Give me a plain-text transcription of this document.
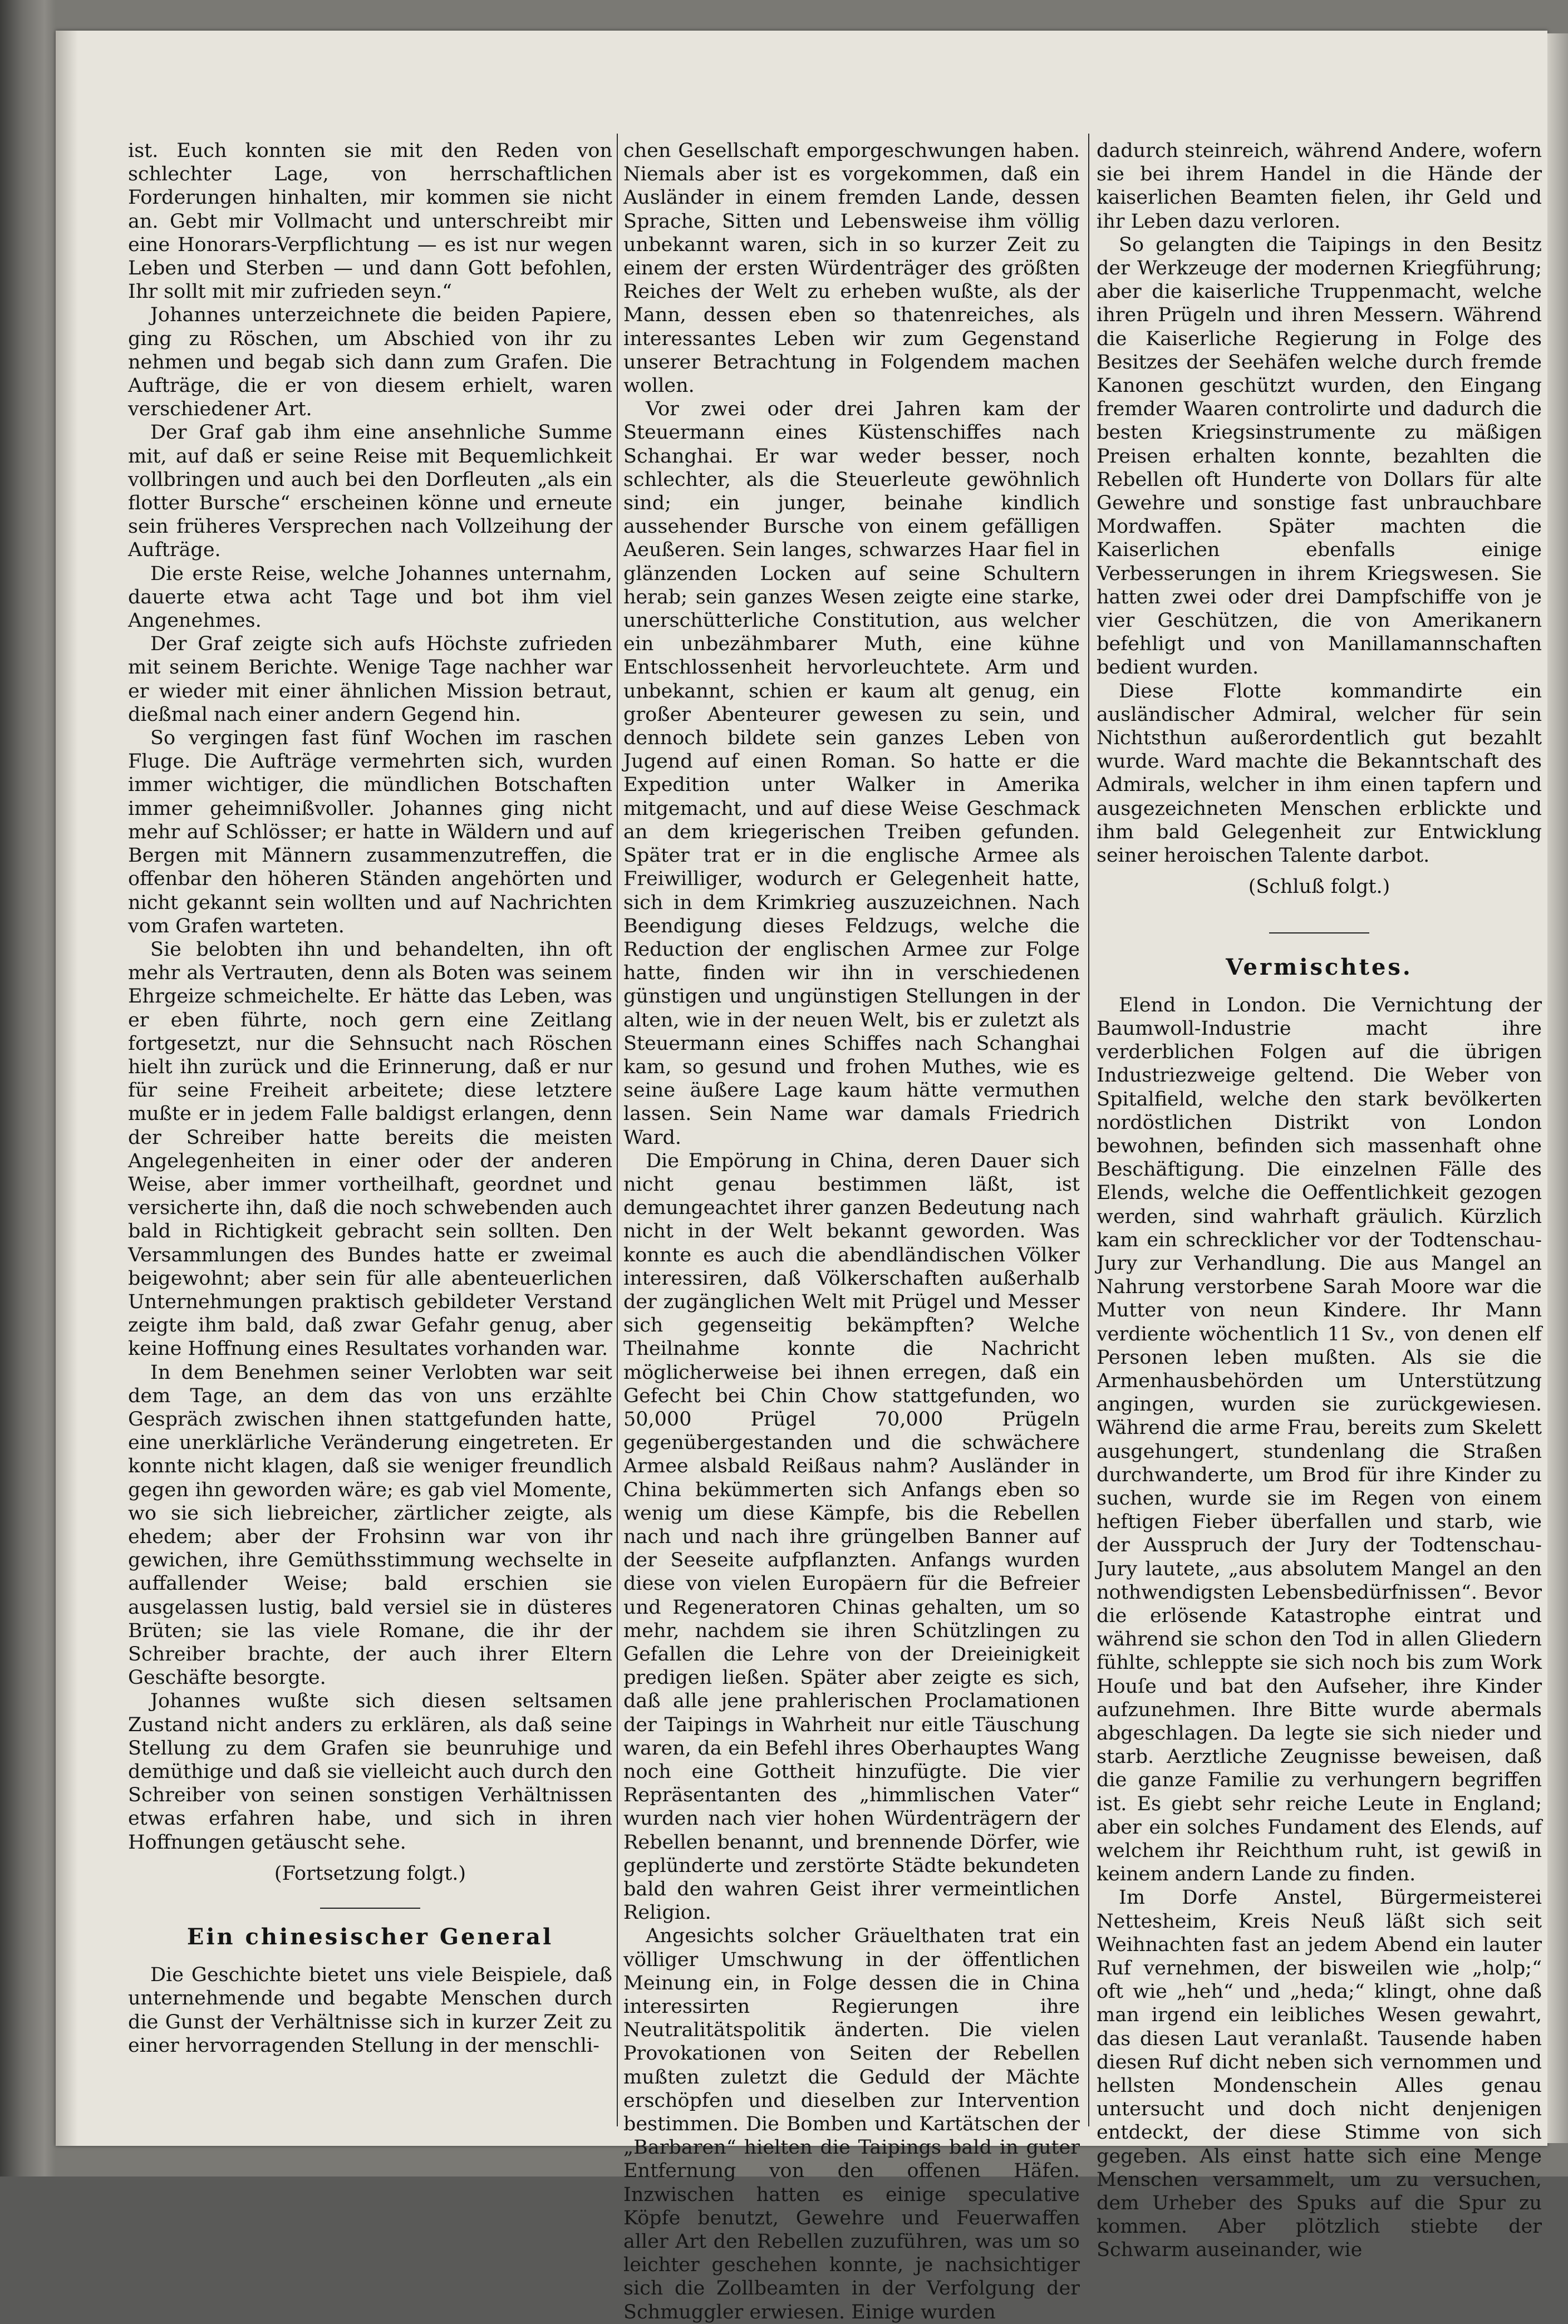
ist. Euch konnten sie mit den Reden von schlechter Lage, von herrschaftlichen Forderungen hinhalten, mir kommen sie nicht an. Gebt mir Vollmacht und unterschreibt mir eine Honorars-Verpflichtung — es ist nur wegen Leben und Sterben — und dann Gott befohlen, Ihr sollt mit mir zufrieden seyn.“

Johannes unterzeichnete die beiden Papiere, ging zu Röschen, um Abschied von ihr zu nehmen und begab sich dann zum Grafen. Die Aufträge, die er von diesem erhielt, waren verschiedener Art.

Der Graf gab ihm eine ansehnliche Summe mit, auf daß er seine Reise mit Bequemlichkeit vollbringen und auch bei den Dorfleuten „als ein flotter Bursche“ erscheinen könne und erneute sein früheres Versprechen nach Vollzeihung der Aufträge.

Die erste Reise, welche Johannes unternahm, dauerte etwa acht Tage und bot ihm viel Angenehmes.

Der Graf zeigte sich aufs Höchste zufrieden mit seinem Berichte. Wenige Tage nachher war er wieder mit einer ähnlichen Mission betraut, dießmal nach einer andern Gegend hin.

So vergingen fast fünf Wochen im raschen Fluge. Die Aufträge vermehrten sich, wurden immer wichtiger, die mündlichen Botschaften immer geheimnißvoller. Johannes ging nicht mehr auf Schlösser; er hatte in Wäldern und auf Bergen mit Männern zusammenzutreffen, die offenbar den höheren Ständen angehörten und nicht gekannt sein wollten und auf Nachrichten vom Grafen warteten.

Sie belobten ihn und behandelten, ihn oft mehr als Vertrauten, denn als Boten was seinem Ehrgeize schmeichelte. Er hätte das Leben, was er eben führte, noch gern eine Zeitlang fortgesetzt, nur die Sehnsucht nach Röschen hielt ihn zurück und die Erinnerung, daß er nur für seine Freiheit arbeitete; diese letztere mußte er in jedem Falle baldigst erlangen, denn der Schreiber hatte bereits die meisten Angelegenheiten in einer oder der anderen Weise, aber immer vortheilhaft, geordnet und versicherte ihn, daß die noch schwebenden auch bald in Richtigkeit gebracht sein sollten. Den Versammlungen des Bundes hatte er zweimal beigewohnt; aber sein für alle abenteuerlichen Unternehmungen praktisch gebildeter Verstand zeigte ihm bald, daß zwar Gefahr genug, aber keine Hoffnung eines Resultates vorhanden war.

In dem Benehmen seiner Verlobten war seit dem Tage, an dem das von uns erzählte Gespräch zwischen ihnen stattgefunden hatte, eine unerklärliche Veränderung eingetreten. Er konnte nicht klagen, daß sie weniger freundlich gegen ihn geworden wäre; es gab viel Momente, wo sie sich liebreicher, zärtlicher zeigte, als ehedem; aber der Frohsinn war von ihr gewichen, ihre Gemüthsstimmung wechselte in auffallender Weise; bald erschien sie ausgelassen lustig, bald versiel sie in düsteres Brüten; sie las viele Romane, die ihr der Schreiber brachte, der auch ihrer Eltern Geschäfte besorgte.

Johannes wußte sich diesen seltsamen Zustand nicht anders zu erklären, als daß seine Stellung zu dem Grafen sie beunruhige und demüthige und daß sie vielleicht auch durch den Schreiber von seinen sonstigen Verhältnissen etwas erfahren habe, und sich in ihren Hoffnungen getäuscht sehe.

(Fortsetzung folgt.)

Ein chinesischer General

Die Geschichte bietet uns viele Beispiele, daß unternehmende und begabte Menschen durch die Gunst der Verhältnisse sich in kurzer Zeit zu einer hervorragenden Stellung in der menschli-

chen Gesellschaft emporgeschwungen haben. Niemals aber ist es vorgekommen, daß ein Ausländer in einem fremden Lande, dessen Sprache, Sitten und Lebensweise ihm völlig unbekannt waren, sich in so kurzer Zeit zu einem der ersten Würdenträger des größten Reiches der Welt zu erheben wußte, als der Mann, dessen eben so thatenreiches, als interessantes Leben wir zum Gegenstand unserer Betrachtung in Folgendem machen wollen.

Vor zwei oder drei Jahren kam der Steuermann eines Küstenschiffes nach Schanghai. Er war weder besser, noch schlechter, als die Steuerleute gewöhnlich sind; ein junger, beinahe kindlich aussehender Bursche von einem gefälligen Aeußeren. Sein langes, schwarzes Haar fiel in glänzenden Locken auf seine Schultern herab; sein ganzes Wesen zeigte eine starke, unerschütterliche Constitution, aus welcher ein unbezähmbarer Muth, eine kühne Entschlossenheit hervorleuchtete. Arm und unbekannt, schien er kaum alt genug, ein großer Abenteurer gewesen zu sein, und dennoch bildete sein ganzes Leben von Jugend auf einen Roman. So hatte er die Expedition unter Walker in Amerika mitgemacht, und auf diese Weise Geschmack an dem kriegerischen Treiben gefunden. Später trat er in die englische Armee als Freiwilliger, wodurch er Gelegenheit hatte, sich in dem Krimkrieg auszuzeichnen. Nach Beendigung dieses Feldzugs, welche die Reduction der englischen Armee zur Folge hatte, finden wir ihn in verschiedenen günstigen und ungünstigen Stellungen in der alten, wie in der neuen Welt, bis er zuletzt als Steuermann eines Schiffes nach Schanghai kam, so gesund und frohen Muthes, wie es seine äußere Lage kaum hätte vermuthen lassen. Sein Name war damals Friedrich Ward.

Die Empörung in China, deren Dauer sich nicht genau bestimmen läßt, ist demungeachtet ihrer ganzen Bedeutung nach nicht in der Welt bekannt geworden. Was konnte es auch die abendländischen Völker interessiren, daß Völkerschaften außerhalb der zugänglichen Welt mit Prügel und Messer sich gegenseitig bekämpften? Welche Theilnahme konnte die Nachricht möglicherweise bei ihnen erregen, daß ein Gefecht bei Chin Chow stattgefunden, wo 50,000 Prügel 70,000 Prügeln gegenübergestanden und die schwächere Armee alsbald Reißaus nahm? Ausländer in China bekümmerten sich Anfangs eben so wenig um diese Kämpfe, bis die Rebellen nach und nach ihre grüngelben Banner auf der Seeseite aufpflanzten. Anfangs wurden diese von vielen Europäern für die Befreier und Regeneratoren Chinas gehalten, um so mehr, nachdem sie ihren Schützlingen zu Gefallen die Lehre von der Dreieinigkeit predigen ließen. Später aber zeigte es sich, daß alle jene prahlerischen Proclamationen der Taipings in Wahrheit nur eitle Täuschung waren, da ein Befehl ihres Oberhauptes Wang noch eine Gottheit hinzufügte. Die vier Repräsentanten des „himmlischen Vater“ wurden nach vier hohen Würdenträgern der Rebellen benannt, und brennende Dörfer, wie geplünderte und zerstörte Städte bekundeten bald den wahren Geist ihrer vermeintlichen Religion.

Angesichts solcher Gräuelthaten trat ein völliger Umschwung in der öffentlichen Meinung ein, in Folge dessen die in China interessirten Regierungen ihre Neutralitätspolitik änderten. Die vielen Provokationen von Seiten der Rebellen mußten zuletzt die Geduld der Mächte erschöpfen und dieselben zur Intervention bestimmen. Die Bomben und Kartätschen der „Barbaren“ hielten die Taipings bald in guter Entfernung von den offenen Häfen. Inzwischen hatten es einige speculative Köpfe benutzt, Gewehre und Feuerwaffen aller Art den Rebellen zuzuführen, was um so leichter geschehen konnte, je nachsichtiger sich die Zollbeamten in der Verfolgung der Schmuggler erwiesen. Einige wurden

dadurch steinreich, während Andere, wofern sie bei ihrem Handel in die Hände der kaiserlichen Beamten fielen, ihr Geld und ihr Leben dazu verloren.

So gelangten die Taipings in den Besitz der Werkzeuge der modernen Kriegführung; aber die kaiserliche Truppenmacht, welche ihren Prügeln und ihren Messern. Während die Kaiserliche Regierung in Folge des Besitzes der Seehäfen welche durch fremde Kanonen geschützt wurden, den Eingang fremder Waaren controlirte und dadurch die besten Kriegsinstrumente zu mäßigen Preisen erhalten konnte, bezahlten die Rebellen oft Hunderte von Dollars für alte Gewehre und sonstige fast unbrauchbare Mordwaffen. Später machten die Kaiserlichen ebenfalls einige Verbesserungen in ihrem Kriegswesen. Sie hatten zwei oder drei Dampfschiffe von je vier Geschützen, die von Amerikanern befehligt und von Manillamannschaften bedient wurden.

Diese Flotte kommandirte ein ausländischer Admiral, welcher für sein Nichtsthun außerordentlich gut bezahlt wurde. Ward machte die Bekanntschaft des Admirals, welcher in ihm einen tapfern und ausgezeichneten Menschen erblickte und ihm bald Gelegenheit zur Entwicklung seiner heroischen Talente darbot.

(Schluß folgt.)

Vermischtes.

Elend in London. Die Vernichtung der Baumwoll-Industrie macht ihre verderblichen Folgen auf die übrigen Industriezweige geltend. Die Weber von Spitalfield, welche den stark bevölkerten nordöstlichen Distrikt von London bewohnen, befinden sich massenhaft ohne Beschäftigung. Die einzelnen Fälle des Elends, welche die Oeffentlichkeit gezogen werden, sind wahrhaft gräulich. Kürzlich kam ein schrecklicher vor der Todtenschau-Jury zur Verhandlung. Die aus Mangel an Nahrung verstorbene Sarah Moore war die Mutter von neun Kindere. Ihr Mann verdiente wöchentlich 11 Sv., von denen elf Personen leben mußten. Als sie die Armenhausbehörden um Unterstützung angingen, wurden sie zurückgewiesen. Während die arme Frau, bereits zum Skelett ausgehungert, stundenlang die Straßen durchwanderte, um Brod für ihre Kinder zu suchen, wurde sie im Regen von einem heftigen Fieber überfallen und starb, wie der Ausspruch der Jury der Todtenschau-Jury lautete, „aus absolutem Mangel an den nothwendigsten Lebensbedürfnissen“. Bevor die erlösende Katastrophe eintrat und während sie schon den Tod in allen Gliedern fühlte, schleppte sie sich noch bis zum Work Houſe und bat den Aufseher, ihre Kinder aufzunehmen. Ihre Bitte wurde abermals abgeschlagen. Da legte sie sich nieder und starb. Aerztliche Zeugnisse beweisen, daß die ganze Familie zu verhungern begriffen ist. Es giebt sehr reiche Leute in England; aber ein solches Fundament des Elends, auf welchem ihr Reichthum ruht, ist gewiß in keinem andern Lande zu finden.

Im Dorfe Anstel, Bürgermeisterei Nettesheim, Kreis Neuß läßt sich seit Weihnachten fast an jedem Abend ein lauter Ruf vernehmen, der bisweilen wie „holp;“ oft wie „heh“ und „heda;“ klingt, ohne daß man irgend ein leibliches Wesen gewahrt, das diesen Laut veranlaßt. Tausende haben diesen Ruf dicht neben sich vernommen und hellsten Mondenschein Alles genau untersucht und doch nicht denjenigen entdeckt, der diese Stimme von sich gegeben. Als einst hatte sich eine Menge Menschen versammelt, um zu versuchen, dem Urheber des Spuks auf die Spur zu kommen. Aber plötzlich stiebte der Schwarm auseinander, wie
